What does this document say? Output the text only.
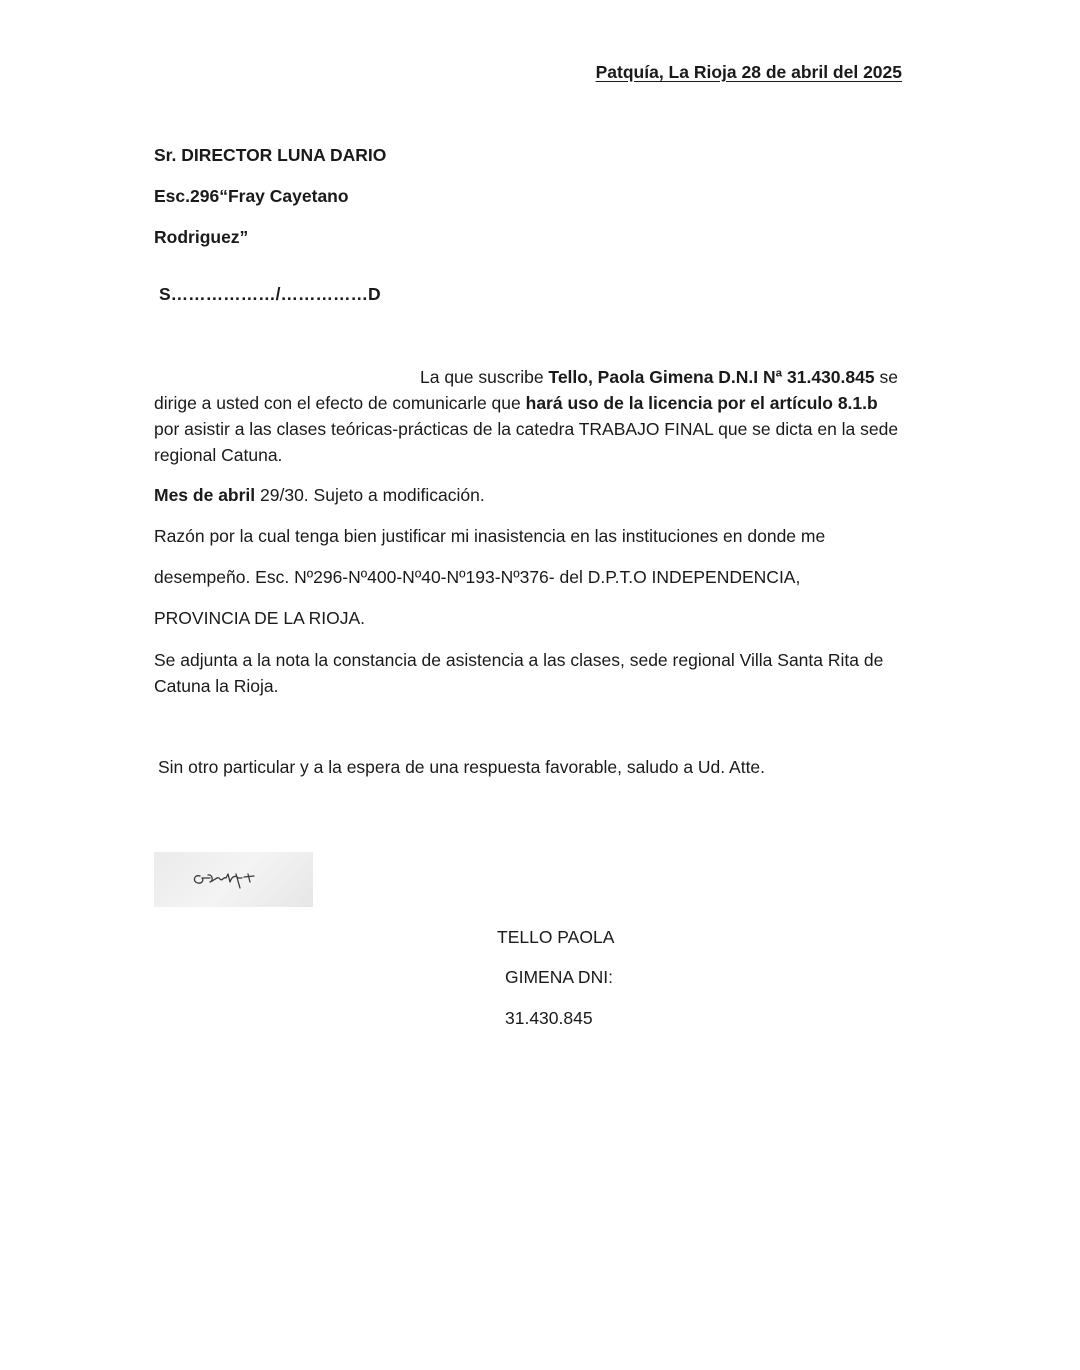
Patquía, La Rioja 28 de abril del 2025
Sr. DIRECTOR LUNA DARIO
Esc.296“Fray Cayetano
Rodriguez”
S………………/……………D
La que suscribe Tello, Paola Gimena D.N.I Nª 31.430.845 se dirige a usted con el efecto de comunicarle que hará uso de la licencia por el artículo 8.1.b por asistir a las clases teóricas-prácticas de la catedra TRABAJO FINAL que se dicta en la sede regional Catuna.
Mes de abril 29/30. Sujeto a modificación.
Razón por la cual tenga bien justificar mi inasistencia en las instituciones en donde me
desempeño. Esc. Nº296-Nº400-Nº40-Nº193-Nº376- del D.P.T.O INDEPENDENCIA,
PROVINCIA DE LA RIOJA.
Se adjunta a la nota la constancia de asistencia a las clases, sede regional Villa Santa Rita de Catuna la Rioja.
Sin otro particular y a la espera de una respuesta favorable, saludo a Ud. Atte.
TELLO PAOLA
GIMENA DNI:
31.430.845
